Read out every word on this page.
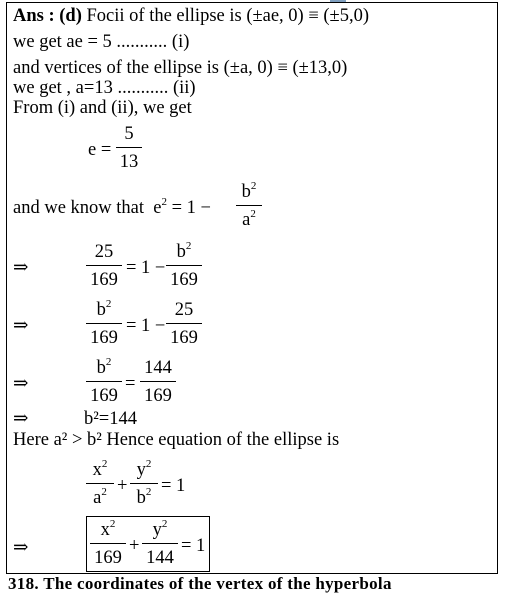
Ans : (d) Focii of the ellipse is (±ae, 0) ≡ (±5,0)
we get ae = 5 ........... (i)
and vertices of the ellipse is (±a, 0) ≡ (±13,0)
we get , a=13 ........... (ii)
From (i) and (ii), we get
e =
5
13
and we know that $e^2 = 1$ −
$b^2$
$a^2$
⇒
25
169
= 1 −
$b^2$
169
⇒
$b^2$
169
= 1 −
25
169
⇒
$b^2$
169
=
144
169
⇒	b²=144
Here a² > b² Hence equation of the ellipse is
$x^2$
$a^2$ +
$y^2$
$b^2 = 1$
⇒
$x^2$
169
+
$y^2$
144
= 1
318. The coordinates of the vertex of the hyperbola
